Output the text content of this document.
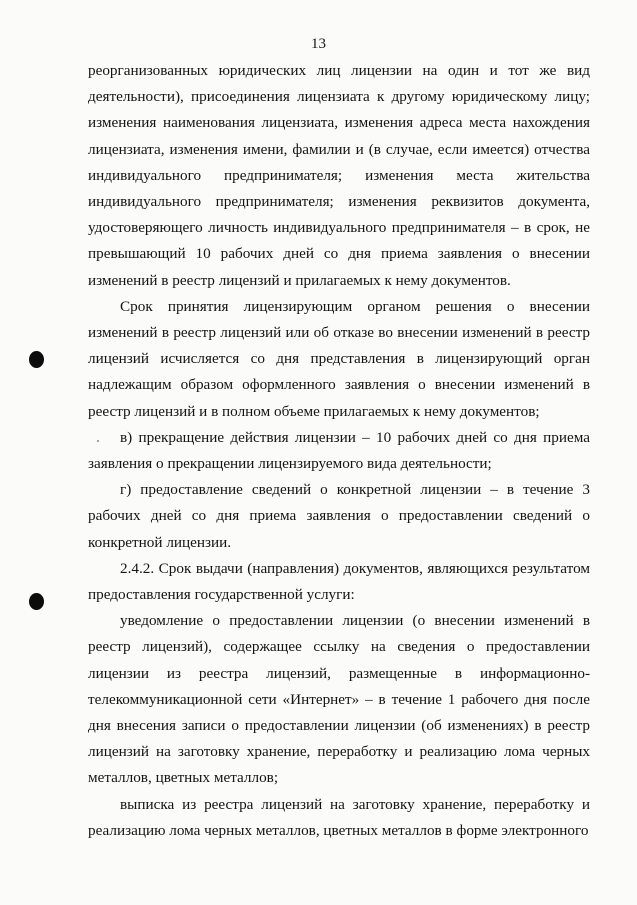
13

реорганизованных юридических лиц лицензии на один и тот же вид деятельности), присоединения лицензиата к другому юридическому лицу; изменения наименования лицензиата, изменения адреса места нахождения лицензиата, изменения имени, фамилии и (в случае, если имеется) отчества индивидуального предпринимателя; изменения места жительства индивидуального предпринимателя; изменения реквизитов документа, удостоверяющего личность индивидуального предпринимателя – в срок, не превышающий 10 рабочих дней со дня приема заявления о внесении изменений в реестр лицензий и прилагаемых к нему документов.

Срок принятия лицензирующим органом решения о внесении изменений в реестр лицензий или об отказе во внесении изменений в реестр лицензий исчисляется со дня представления в лицензирующий орган надлежащим образом оформленного заявления о внесении изменений в реестр лицензий и в полном объеме прилагаемых к нему документов;

в) прекращение действия лицензии – 10 рабочих дней со дня приема заявления о прекращении лицензируемого вида деятельности;

г) предоставление сведений о конкретной лицензии – в течение 3 рабочих дней со дня приема заявления о предоставлении сведений о конкретной лицензии.

2.4.2. Срок выдачи (направления) документов, являющихся результатом предоставления государственной услуги:

уведомление о предоставлении лицензии (о внесении изменений в реестр лицензий), содержащее ссылку на сведения о предоставлении лицензии из реестра лицензий, размещенные в информационно-телекоммуникационной сети «Интернет» – в течение 1 рабочего дня после дня внесения записи о предоставлении лицензии (об изменениях) в реестр лицензий на заготовку хранение, переработку и реализацию лома черных металлов, цветных металлов;

выписка из реестра лицензий на заготовку хранение, переработку и реализацию лома черных металлов, цветных металлов в форме электронного
